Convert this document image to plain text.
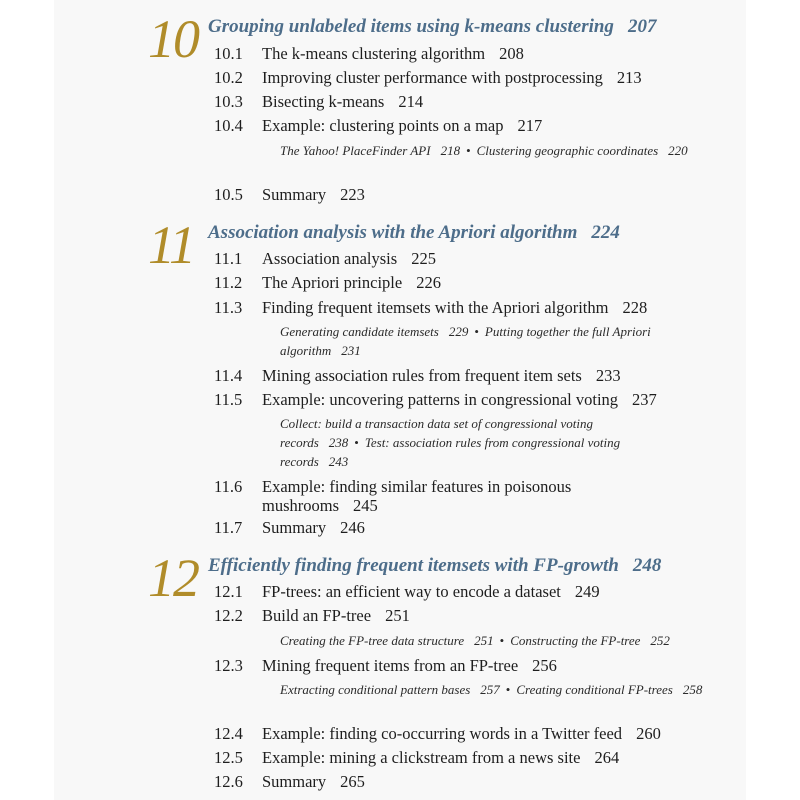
10 Grouping unlabeled items using k-means clustering 207
10.1 The k-means clustering algorithm 208
10.2 Improving cluster performance with postprocessing 213
10.3 Bisecting k-means 214
10.4 Example: clustering points on a map 217
The Yahoo! PlaceFinder API 218 • Clustering geographic coordinates 220
10.5 Summary 223
11 Association analysis with the Apriori algorithm 224
11.1 Association analysis 225
11.2 The Apriori principle 226
11.3 Finding frequent itemsets with the Apriori algorithm 228
Generating candidate itemsets 229 • Putting together the full Apriori algorithm 231
11.4 Mining association rules from frequent item sets 233
11.5 Example: uncovering patterns in congressional voting 237
Collect: build a transaction data set of congressional voting records 238 • Test: association rules from congressional voting records 243
11.6 Example: finding similar features in poisonous
mushrooms 245
11.7 Summary 246
12 Efficiently finding frequent itemsets with FP-growth 248
12.1 FP-trees: an efficient way to encode a dataset 249
12.2 Build an FP-tree 251
Creating the FP-tree data structure 251 • Constructing the FP-tree 252
12.3 Mining frequent items from an FP-tree 256
Extracting conditional pattern bases 257 • Creating conditional FP-trees 258
12.4 Example: finding co-occurring words in a Twitter feed 260
12.5 Example: mining a clickstream from a news site 264
12.6 Summary 265
